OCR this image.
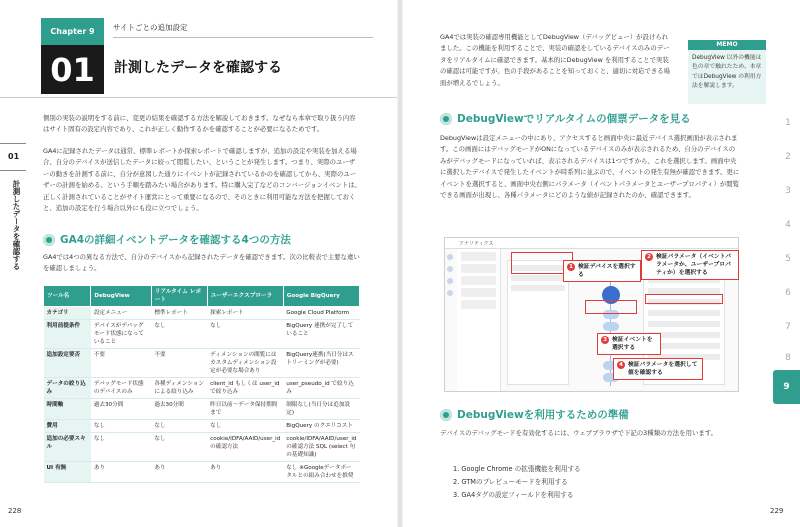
Chapter 9
01
サイトごとの追加設定
計測したデータを確認する
01
計測したデータを確認する
個別の実装の説明をする前に、変更の結果を確認する方法を解説しておきます。なぜなら本章で取り扱う内容はサイト固有の設定内容であり、これが正しく動作するかを確認することが必要になるためです。
GA4に記録されたデータは通常、標準レポートか探索レポートで確認しますが、追加の設定や実装を加える場合、自分のデバイスが送信したデータに絞って閲覧したい、ということが発生します。つまり、実際のユーザーの動きを計測する前に、自分が意図した通りにイベントが記録されているかのを確認してから、実際のユーザーの計測を始める、という手順を踏みたい場合があります。特に購入完了などのコンバージョンイベントは、正しく計測されていることがサイト運営にとって重要になるので、そのときに利用可能な方法を把握しておくと、追加の設定を行う場合以外にも役に立つでしょう。
GA4の詳細イベントデータを確認する4つの方法
GA4では4つの異なる方法で、自分のデバイスから記録されたデータを確認できます。次の比較表で主要な違いを確認しましょう。
ツール名	DebugView	リアルタイム レポート	ユーザーエクスプローラ	Google BigQuery
カテゴリ	設定メニュー	標準レポート	探索レポート	Google Cloud Platform
利用前提条件	デバイスがデバッグモード状態になっていること	なし	なし	BigQuery 連携が完了していること
追加設定要否	不要	不要	ディメンションの閲覧にはカスタムディメンション設定が必要な場合あり	BigQuery連携(当日分はストリーミングが必要)
データの絞り込み	デバッグモード状態のデバイスのみ	各種ディメンションによる絞り込み	client_id もしくは user_id で絞り込み	user_pseudo_id で絞り込み
時間軸	過去30分間	過去30分間	昨日以前〜データ保持期間まで	制限なし(当日分は追加設定)
費用	なし	なし	なし	BigQuery のクエリコスト
追加の必要スキル	なし	なし	cookie/IDFA/AAID/user_id の確認方法	cookie/IDFA/AAID/user_id の確認方法 SQL (select 句の基礎知識)
UI 有無	あり	あり	あり	なし ※Googleデータポータルとの組み合わせを推奨
228
GA4では実装の確認専用機能としてDebugView（デバッグビュー）が設けられました。この機能を利用することで、実装の確認をしているデバイスのみのデータをリアルタイムに確認できます。基本的にDebugView を利用することで実装の確認は可能ですが、色の手段があることを知っておくと、適切に対応できる場面が増えるでしょう。
MEMO
DebugView 以外の機能は色の章で触れたため、本章ではDebugView の利用方法を解説します。
DebugViewでリアルタイムの個票データを見る
DebugViewは設定メニューの中にあり、アクセスすると画面中央に最近デバイス選択画面が表示されます。この画面にはデバッグモードがONになっているデバイスのみが表示されるため、自分のデバイスのみがデバッグモードになっていれば、表示されるデバイスは1つですから、これを選択します。画面中央に選択したデバイスで発生したイベントが時系列に並ぶので、イベントの発生有無が確認できます。更にイベントを選択すると、画面中央右側にパラメータ（イベントパラメータとユーザープロパティ）が閲覧できる画面が出現し、各種パラメータにどのような値が記録されたのか、確認できます。
アナリティクス
1 検証デバイスを選択する
2 検証パラメータ（イベントパラメータか、ユーザープロパティか）を選択する
3 検証イベントを選択する
4 検証パラメータを選択して値を確認する
DebugViewを利用するための準備
デバイスのデバッグモードを有効化するには、ウェブブラウザで下記の3種類の方法を用います。
1. Google Chrome の拡張機能を利用する
2. GTMのプレビューモードを利用する
3. GA4タグの設定フィールドを利用する
1
2
3
4
5
6
7
8
9
229
